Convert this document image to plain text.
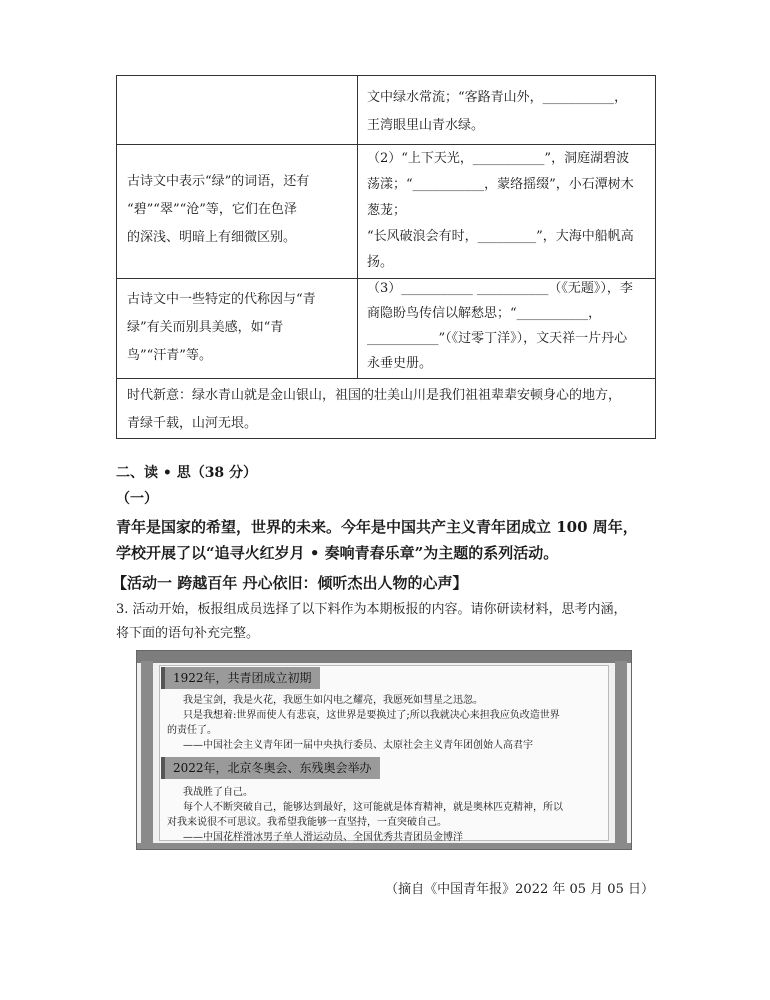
文中绿水常流；“客路青山外，___________，

王湾眼里山青水绿。

古诗文中表示“绿”的词语，还有

“碧”“翠”“沧”等，它们在色泽

的深浅、明暗上有细微区别。

（2）“上下天光，___________”，洞庭湖碧波

荡漾；“___________，蒙络摇缀”，小石潭树木

葱茏；

“长风破浪会有时，_________”，大海中船帆高

扬。

古诗文中一些特定的代称因与“青

绿”有关而别具美感，如“青

鸟”“汗青”等。

（3）___________ ___________（《无题》），李

商隐盼鸟传信以解愁思；“___________，

___________”（《过零丁洋》），文天祥一片丹心

永垂史册。

时代新意：绿水青山就是金山银山，祖国的壮美山川是我们祖祖辈辈安顿身心的地方，

青绿千载，山河无垠。

二、读 • 思（38 分）
（一）
青年是国家的希望，世界的未来。今年是中国共产主义青年团成立 100 周年，
学校开展了以“追寻火红岁月 • 奏响青春乐章”为主题的系列活动。
【活动一 跨越百年 丹心依旧：倾听杰出人物的心声】
3. 活动开始，板报组成员选择了以下料作为本期板报的内容。请你研读材料，思考内涵，
将下面的语句补充完整。
1922年，共青团成立初期
我是宝剑，我是火花，我愿生如闪电之耀亮，我愿死如彗星之迅忽。
只是我想着:世界而使人有悲哀，这世界是要换过了;所以我就决心来担我应负改造世界
的责任了。
——中国社会主义青年团一届中央执行委员、太原社会主义青年团创始人高君宇
2022年，北京冬奥会、东残奥会举办
我战胜了自己。
每个人不断突破自己，能够达到最好，这可能就是体育精神，就是奥林匹克精神，所以
对我来说很不可思议。我希望我能够一直坚持，一直突破自己。
——中国花样滑冰男子单人滑运动员、全国优秀共青团员金博洋
（摘自《中国青年报》2022 年 05 月 05 日）
